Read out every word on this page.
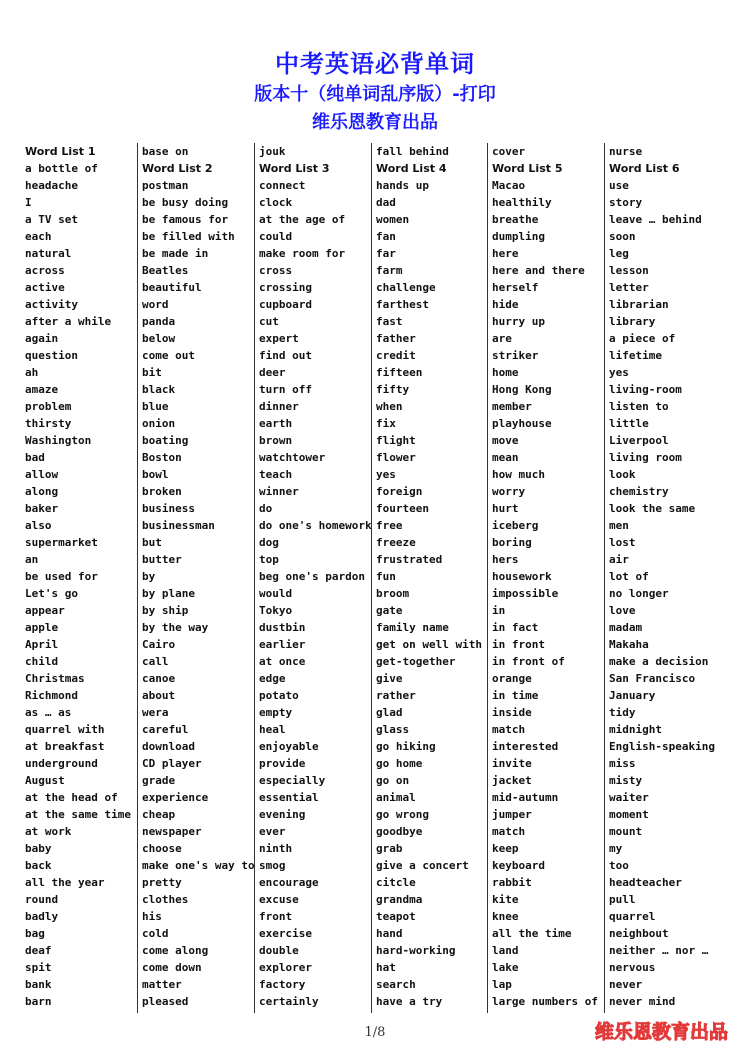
中考英语必背单词
版本十（纯单词乱序版）-打印
维乐恩教育出品
Word List 1
a bottle of
headache
I
a TV set
each
natural
across
active
activity
after a while
again
question
ah
amaze
problem
thirsty
Washington
bad
allow
along
baker
also
supermarket
an
be used for
Let's go
appear
apple
April
child
Christmas
Richmond
as … as
quarrel with
at breakfast
underground
August
at the head of
at the same time
at work
baby
back
all the year
round
badly
bag
deaf
spit
bank
barn
base on
Word List 2
postman
be busy doing
be famous for
be filled with
be made in
Beatles
beautiful
word
panda
below
come out
bit
black
blue
onion
boating
Boston
bowl
broken
business
businessman
but
butter
by
by plane
by ship
by the way
Cairo
call
canoe
about
wera
careful
download
CD player
grade
experience
cheap
newspaper
choose
make one's way to
pretty
clothes
his
cold
come along
come down
matter
pleased
jouk
Word List 3
connect
clock
at the age of
could
make room for
cross
crossing
cupboard
cut
expert
find out
deer
turn off
dinner
earth
brown
watchtower
teach
winner
do
do one's homework
dog
top
beg one's pardon
would
Tokyo
dustbin
earlier
at once
edge
potato
empty
heal
enjoyable
provide
especially
essential
evening
ever
ninth
smog
encourage
excuse
front
exercise
double
explorer
factory
certainly
fall behind
Word List 4
hands up
dad
women
fan
far
farm
challenge
farthest
fast
father
credit
fifteen
fifty
when
fix
flight
flower
yes
foreign
fourteen
free
freeze
frustrated
fun
broom
gate
family name
get on well with
get-together
give
rather
glad
glass
go hiking
go home
go on
animal
go wrong
goodbye
grab
give a concert
citcle
grandma
teapot
hand
hard-working
hat
search
have a try
cover
Word List 5
Macao
healthily
breathe
dumpling
here
here and there
herself
hide
hurry up
are
striker
home
Hong Kong
member
playhouse
move
mean
how much
worry
hurt
iceberg
boring
hers
housework
impossible
in
in fact
in front
in front of
orange
in time
inside
match
interested
invite
jacket
mid-autumn
jumper
match
keep
keyboard
rabbit
kite
knee
all the time
land
lake
lap
large numbers of
nurse
Word List 6
use
story
leave … behind
soon
leg
lesson
letter
librarian
library
a piece of
lifetime
yes
living-room
listen to
little
Liverpool
living room
look
chemistry
look the same
men
lost
air
lot of
no longer
love
madam
Makaha
make a decision
San Francisco
January
tidy
midnight
English-speaking
miss
misty
waiter
moment
mount
my
too
headteacher
pull
quarrel
neighbout
neither … nor …
nervous
never
never mind
1/8	维乐恩教育出品
